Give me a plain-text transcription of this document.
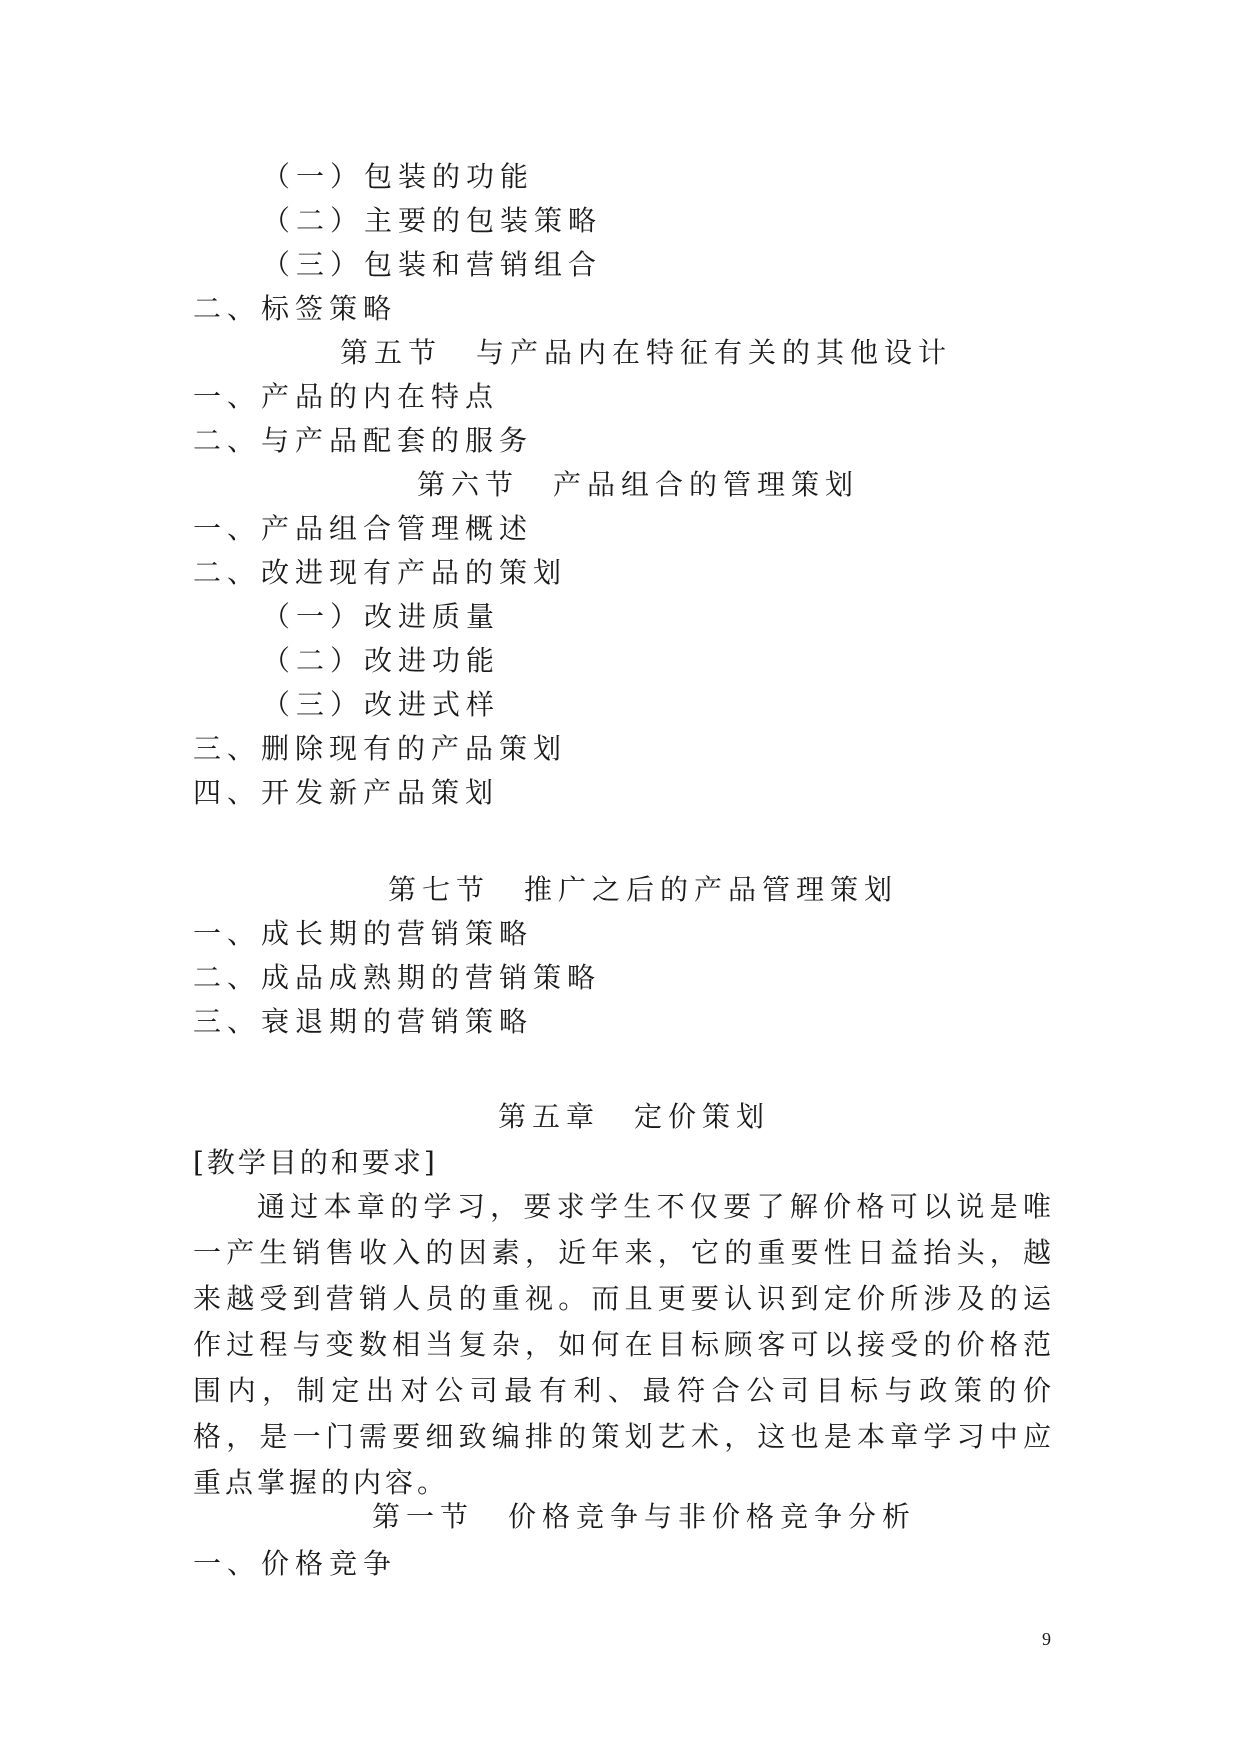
（一）包装的功能
（二）主要的包装策略
（三）包装和营销组合
二、标签策略
第五节　与产品内在特征有关的其他设计
一、产品的内在特点
二、与产品配套的服务
第六节　产品组合的管理策划
一、产品组合管理概述
二、改进现有产品的策划
（一）改进质量
（二）改进功能
（三）改进式样
三、删除现有的产品策划
四、开发新产品策划
第七节　推广之后的产品管理策划
一、成长期的营销策略
二、成品成熟期的营销策略
三、衰退期的营销策略
第五章　定价策划
[教学目的和要求]
通过本章的学习，要求学生不仅要了解价格可以说是唯一产生销售收入的因素，近年来，它的重要性日益抬头，越来越受到营销人员的重视。而且更要认识到定价所涉及的运作过程与变数相当复杂，如何在目标顾客可以接受的价格范围内，制定出对公司最有利、最符合公司目标与政策的价格，是一门需要细致编排的策划艺术，这也是本章学习中应重点掌握的内容。
第一节　价格竞争与非价格竞争分析
一、价格竞争
9
